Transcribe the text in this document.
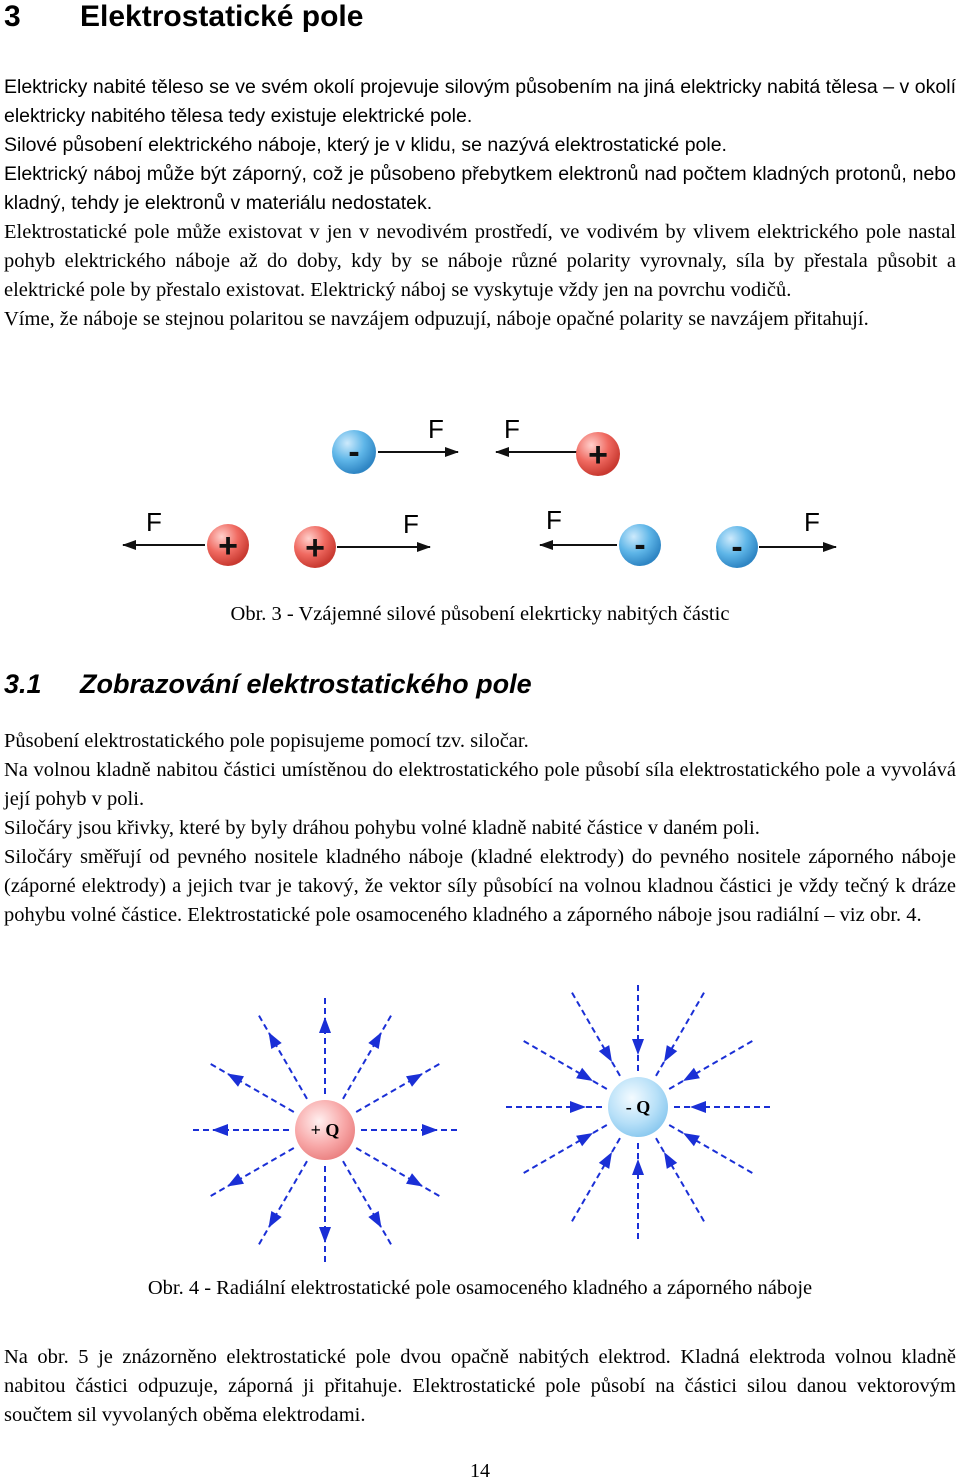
3 Elektrostatické pole

Elektricky nabité těleso se ve svém okolí projevuje silovým působením na jiná elektricky nabitá tělesa – v okolí elektricky nabitého tělesa tedy existuje elektrické pole.

Silové působení elektrického náboje, který je v klidu, se nazývá elektrostatické pole.

Elektrický náboj může být záporný, což je působeno přebytkem elektronů nad počtem kladných protonů, nebo kladný, tehdy je elektronů v materiálu nedostatek.

Elektrostatické pole může existovat v jen v nevodivém prostředí, ve vodivém by vlivem elektrického pole nastal pohyb elektrického náboje až do doby, kdy by se náboje různé polarity vyrovnaly, síla by přestala působit a elektrické pole by přestalo existovat. Elektrický náboj se vyskytuje vždy jen na povrchu vodičů.

Víme, že náboje se stejnou polaritou se navzájem odpuzují, náboje opačné polarity se navzájem přitahují.

F
-
F
+
F
+ +
F	F
-	-
F
Obr. 3 - Vzájemné silové působení elekrticky nabitých částic
3.1 Zobrazování elektrostatického pole

Působení elektrostatického pole popisujeme pomocí tzv. siločar.

Na volnou kladně nabitou částici umístěnou do elektrostatického pole působí síla elektrostatického pole a vyvolává její pohyb v poli.

Siločáry jsou křivky, které by byly dráhou pohybu volné kladně nabité částice v daném poli.

Siločáry směřují od pevného nositele kladného náboje (kladné elektrody) do pevného nositele záporného náboje (záporné elektrody) a jejich tvar je takový, že vektor síly působící na volnou kladnou částici je vždy tečný k dráze pohybu volné částice. Elektrostatické pole osamoceného kladného a záporného náboje jsou radiální – viz obr. 4.

+ Q
- Q
Obr. 4 - Radiální elektrostatické pole osamoceného kladného a záporného náboje

Na obr. 5 je znázorněno elektrostatické pole dvou opačně nabitých elektrod. Kladná elektroda volnou kladně nabitou částici odpuzuje, záporná ji přitahuje. Elektrostatické pole působí na částici silou danou vektorovým součtem sil vyvolaných oběma elektrodami.

14
